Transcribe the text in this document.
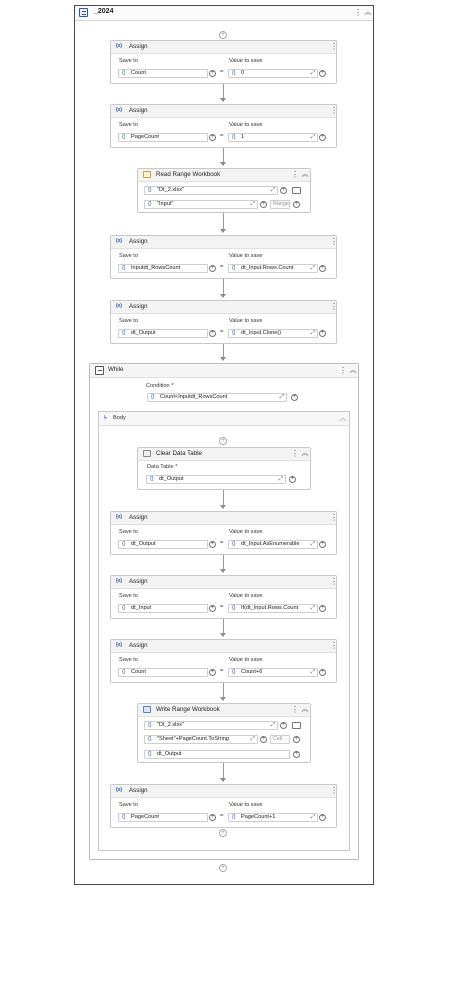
_2024	⋮ ︽
+
(x) Assign	⋮
Save to	Value to save
{} Count	+ = {} 0	⤢ +
(x) Assign	⋮
Save to	Value to save
{} PageCount	+ = {} 1	⤢ +
Read Range Workbook	⋮ ︽
{} "Dt_2.xlsx"	⤢ +
{} "Input"	⤢ +	Range +
(x) Assign	⋮
Save to	Value to save
{} Inputdt_RowsCount	+ = {} dt_Input.Rows.Count	⤢ +
(x) Assign	⋮
Save to	Value to save
{} dt_Output	+ = {} dt_Input.Clone()	⤢ +
While	⋮ ︽
Condition *
{} Count<Inputdt_RowsCount	⤢ +
↳ Body	︿
+
Clear Data Table	⋮ ︽
Data Table *
{} dt_Output	⤢ +
(x) Assign	⋮
Save to	Value to save
{} dt_Output	+ = {} dt_Input.AsEnumerable ⤢ +
(x) Assign	⋮
Save to	Value to save
{} dt_Input	+ = {} If(dt_Input.Rows.Count ⤢ +
(x) Assign	⋮
Save to	Value to save
{} Count	+ = {} Count+6	⤢ +
Write Range Workbook	⋮ ︽
{} "Dt_2.xlsx"	⤢ +
{} "Sheet"+PageCount.ToString	⤢ +	Cell	+
{} dt_Output	+
(x) Assign	⋮
Save to	Value to save
{} PageCount	+ = {} PageCount+1	⤢ +
+
+
